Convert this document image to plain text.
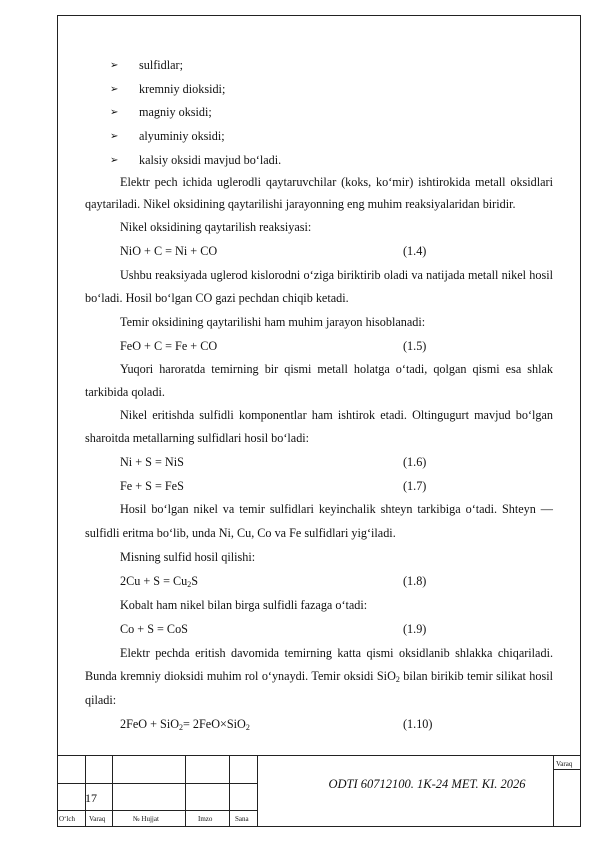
➢ sulfidlar;
➢ kremniy dioksidi;
➢ magniy oksidi;
➢ alyuminiy oksidi;
➢ kalsiy oksidi mavjud bo‘ladi.

Elektr pech ichida uglerodli qaytaruvchilar (koks, ko‘mir) ishtirokida metall oksidlari qaytariladi. Nikel oksidining qaytarilishi jarayonning eng muhim reaksiyalaridan biridir.

Nikel oksidining qaytarilish reaksiyasi:

NiO + C = Ni + CO	(1.4)

Ushbu reaksiyada uglerod kislorodni o‘ziga biriktirib oladi va natijada metall nikel hosil bo‘ladi. Hosil bo‘lgan CO gazi pechdan chiqib ketadi.

Temir oksidining qaytarilishi ham muhim jarayon hisoblanadi:

FeO + C = Fe + CO	(1.5)

Yuqori haroratda temirning bir qismi metall holatga o‘tadi, qolgan qismi esa shlak tarkibida qoladi.

Nikel eritishda sulfidli komponentlar ham ishtirok etadi. Oltingugurt mavjud bo‘lgan sharoitda metallarning sulfidlari hosil bo‘ladi:

Ni + S = NiS	(1.6)
Fe + S = FeS	(1.7)

Hosil bo‘lgan nikel va temir sulfidlari keyinchalik shteyn tarkibiga o‘tadi. Shteyn — sulfidli eritma bo‘lib, unda Ni, Cu, Co va Fe sulfidlari yig‘iladi.

Misning sulfid hosil qilishi:

$2Cu + S = Cu_2S$	(1.8)

Kobalt ham nikel bilan birga sulfidli fazaga o‘tadi:

Co + S = CoS	(1.9)

Elektr pechda eritish davomida temirning katta qismi oksidlanib shlakka chiqariladi. Bunda kremniy dioksidi muhim rol o‘ynaydi. Temir oksidi SiO$_2$ bilan birikib temir silikat hosil qiladi:

2FeO + SiO$_2$= 2FeO×SiO$_2$	(1.10)
Varaq
17
ODTI 60712100. 1K-24 MET. KI. 2026
O‘lch Varaq	№ Hujjat	Imzo	Sana
